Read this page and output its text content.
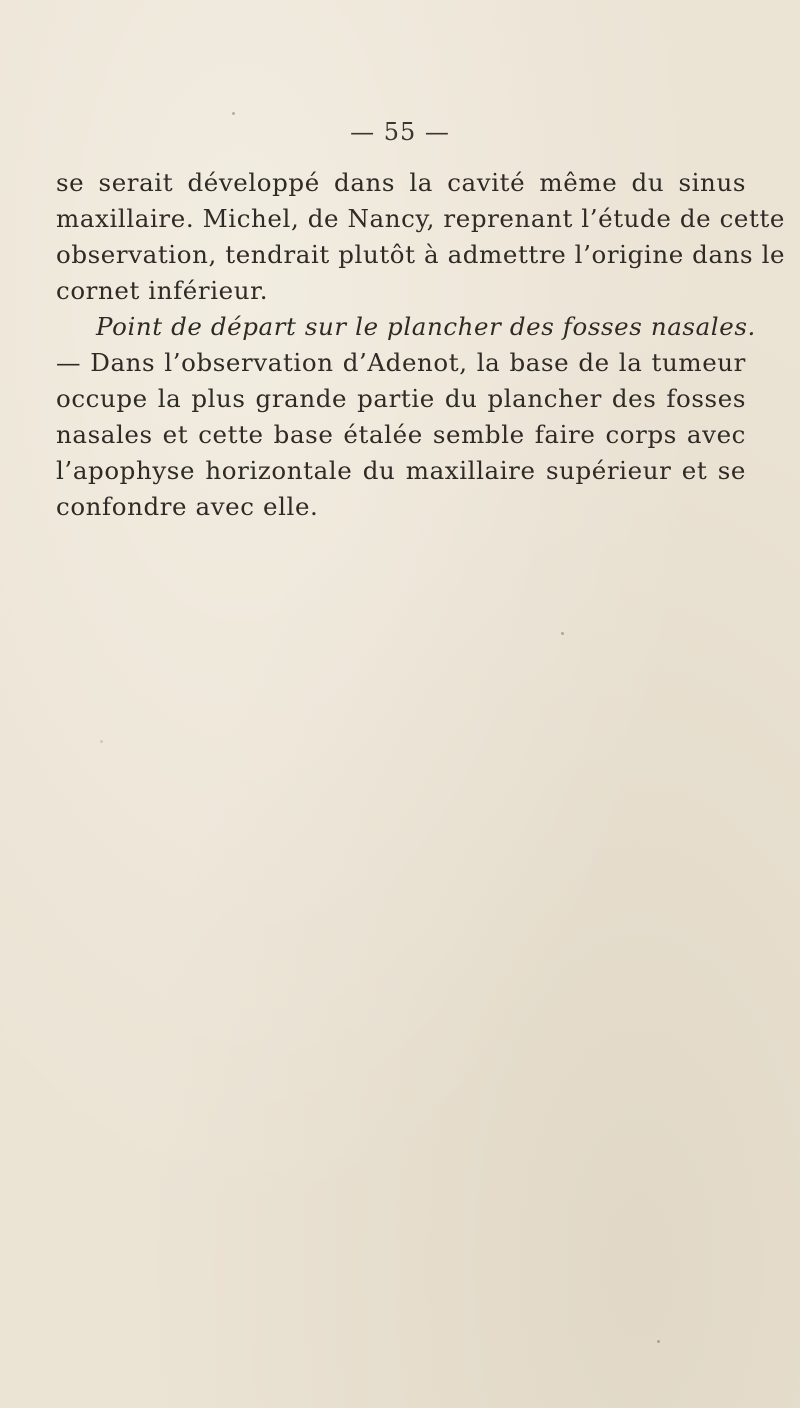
— 55 —
se serait développé dans la cavité même du sinus
maxillaire. Michel, de Nancy, reprenant l’étude de cette
observation, tendrait plutôt à admettre l’origine dans le
cornet inférieur.
Point de départ sur le plancher des fosses nasales.
— Dans l’observation d’Adenot, la base de la tumeur
occupe la plus grande partie du plancher des fosses
nasales et cette base étalée semble faire corps avec
l’apophyse horizontale du maxillaire supérieur et se
confondre avec elle.
